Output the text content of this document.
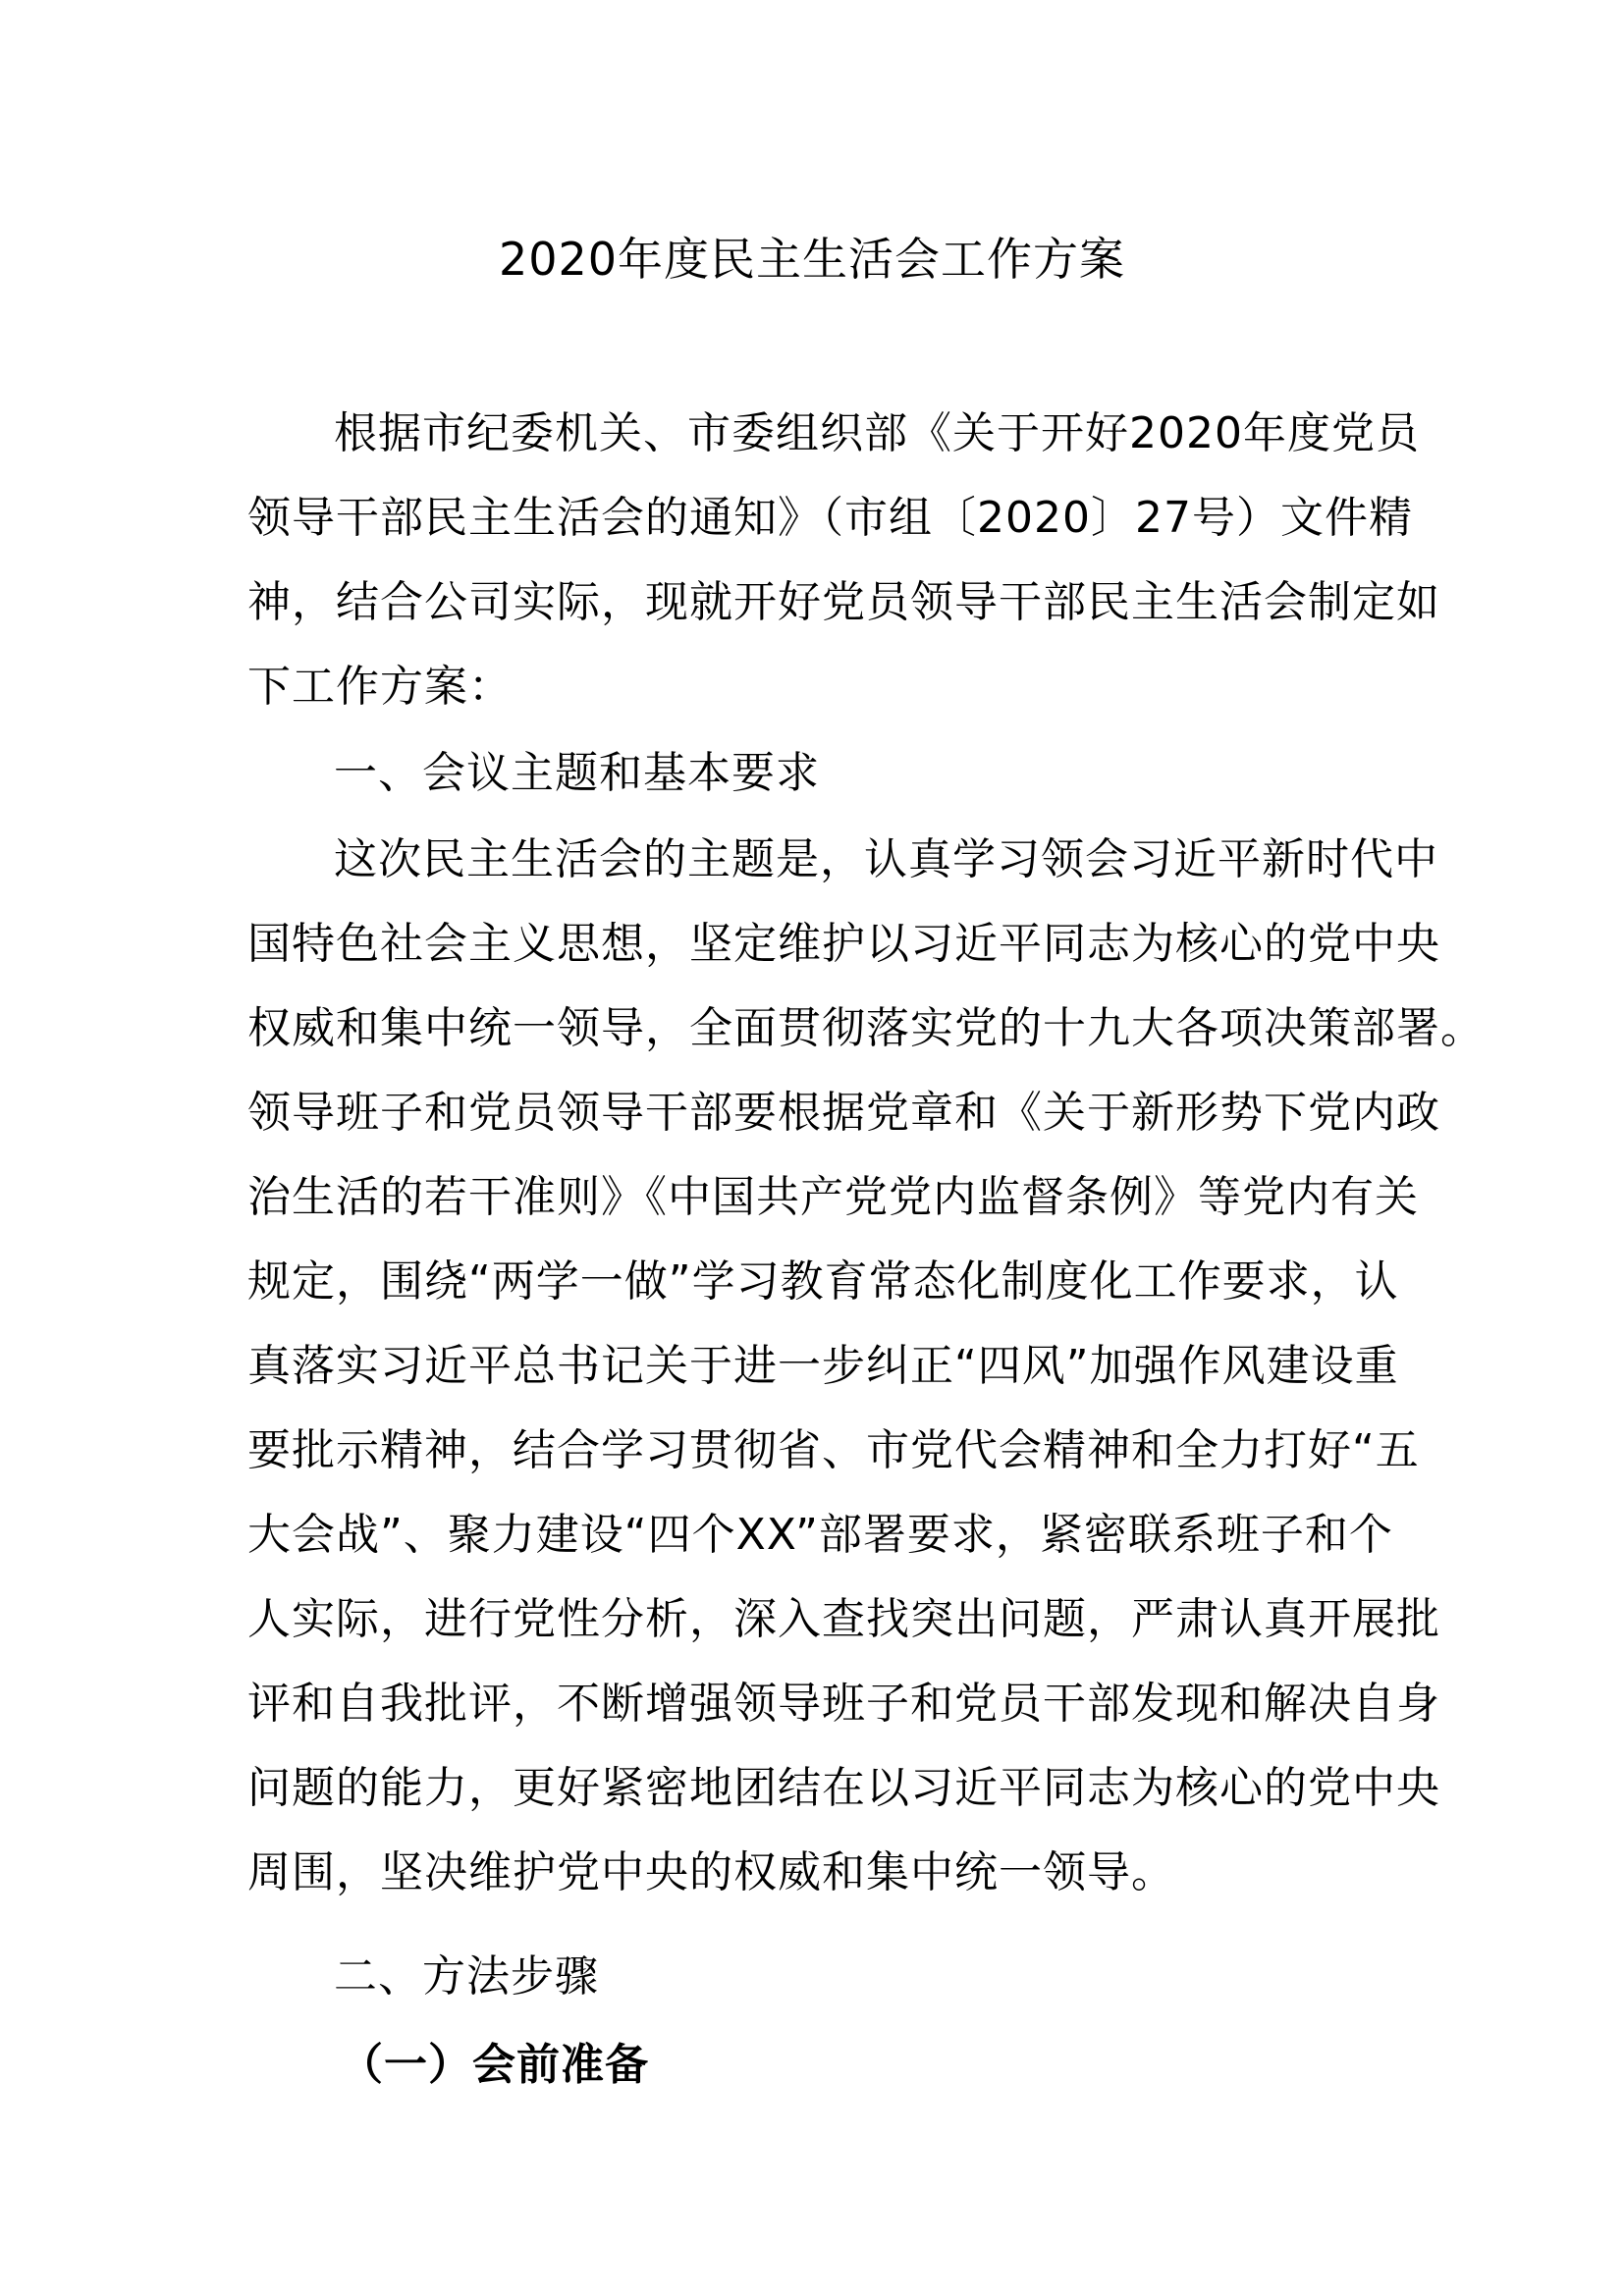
2020年度民主生活会工作方案
根据市纪委机关、市委组织部《关于开好2020年度党员
领导干部民主生活会的通知》（市组〔2020〕27号）文件精
神，结合公司实际，现就开好党员领导干部民主生活会制定如
下工作方案：
一、会议主题和基本要求
这次民主生活会的主题是，认真学习领会习近平新时代中
国特色社会主义思想，坚定维护以习近平同志为核心的党中央
权威和集中统一领导，全面贯彻落实党的十九大各项决策部署。
领导班子和党员领导干部要根据党章和《关于新形势下党内政
治生活的若干准则》《中国共产党党内监督条例》等党内有关
规定，围绕“两学一做”学习教育常态化制度化工作要求，认
真落实习近平总书记关于进一步纠正“四风”加强作风建设重
要批示精神，结合学习贯彻省、市党代会精神和全力打好“五
大会战”、聚力建设“四个XX”部署要求，紧密联系班子和个
人实际，进行党性分析，深入查找突出问题，严肃认真开展批
评和自我批评，不断增强领导班子和党员干部发现和解决自身
问题的能力，更好紧密地团结在以习近平同志为核心的党中央
周围，坚决维护党中央的权威和集中统一领导。
二、方法步骤
（一）会前准备
